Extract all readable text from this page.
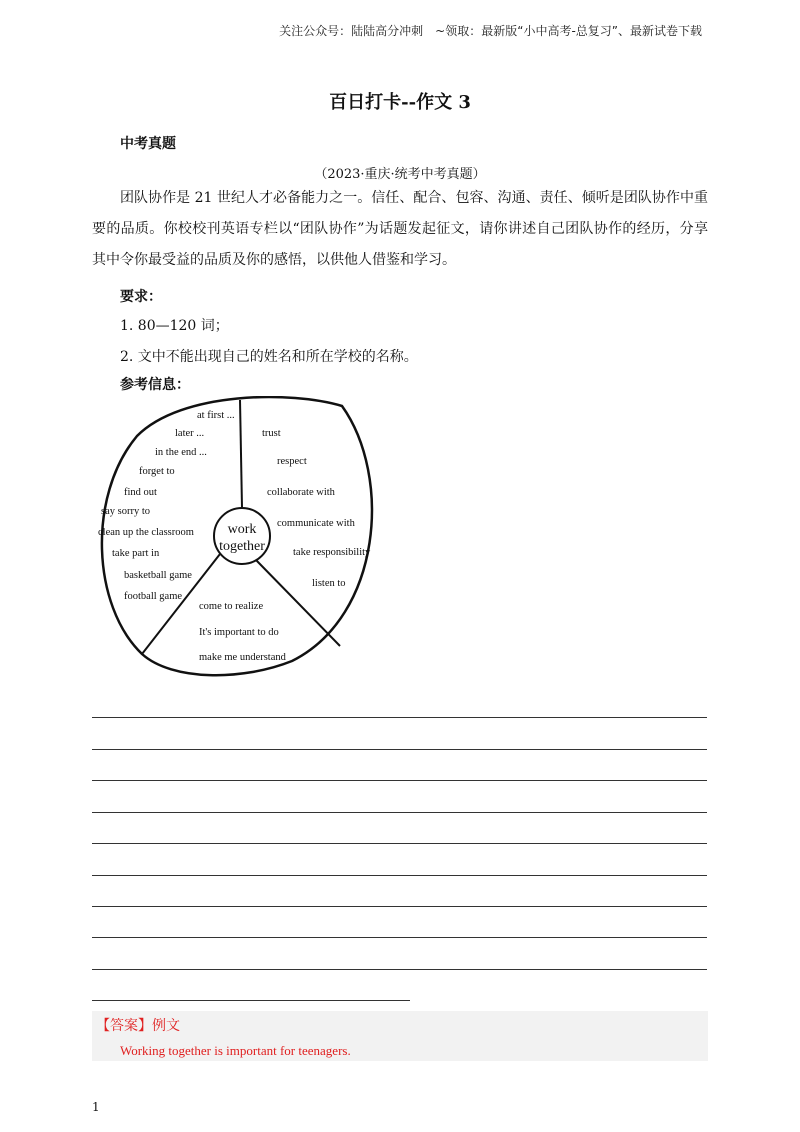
关注公众号：陆陆高分冲刺　~领取：最新版“小中高考-总复习”、最新试卷下载
百日打卡--作文 3
中考真题
（2023·重庆·统考中考真题）

团队协作是 21 世纪人才必备能力之一。信任、配合、包容、沟通、责任、倾听是团队协作中重要的品质。你校校刊英语专栏以“团队协作”为话题发起征文，请你讲述自己团队协作的经历，分享其中令你最受益的品质及你的感悟，以供他人借鉴和学习。

要求：
1. 80—120 词；
2. 文中不能出现自己的姓名和所在学校的名称。
参考信息：
work
together
at first ...
later ...
in the end ...
forget to
find out
say sorry to
clean up the classroom
take part in
basketball game
football game
trust
respect
collaborate with
communicate with
take responsibility
listen to
come to realize
It's important to do
make me understand
【答案】例文
Working together is important for teenagers.
1
